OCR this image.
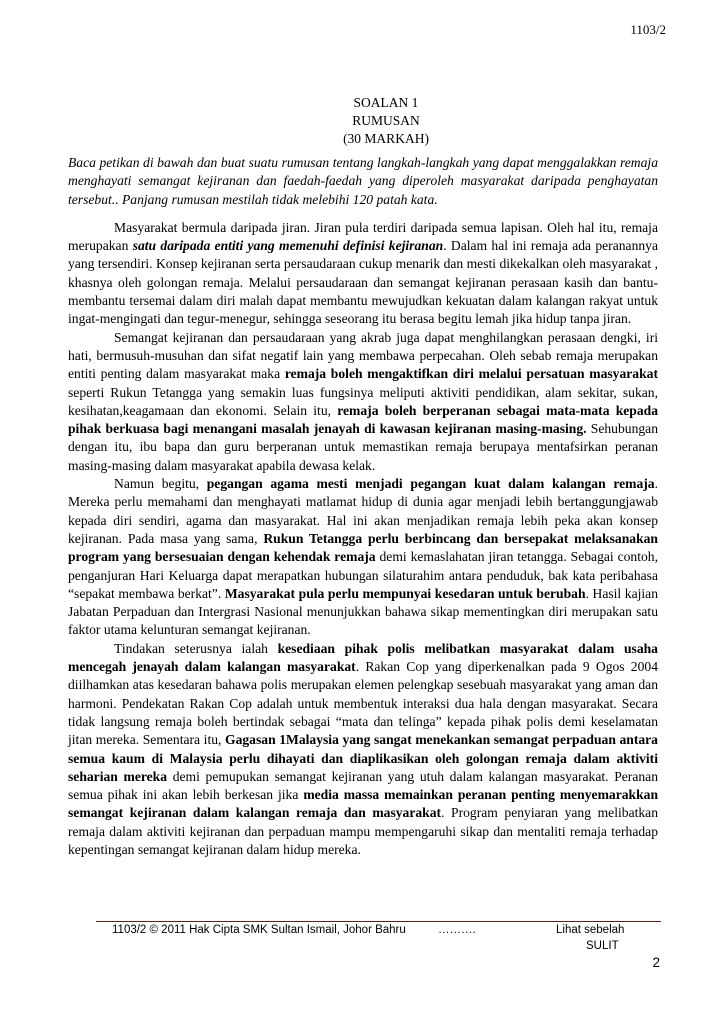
1103/2
SOALAN 1
RUMUSAN
(30 MARKAH)

Baca petikan di bawah dan buat suatu rumusan tentang langkah-langkah yang dapat menggalakkan remaja menghayati semangat kejiranan dan faedah-faedah yang diperoleh masyarakat daripada penghayatan tersebut.. Panjang rumusan mestilah tidak melebihi 120 patah kata.

Masyarakat bermula daripada jiran. Jiran pula terdiri daripada semua lapisan. Oleh hal itu, remaja merupakan satu daripada entiti yang memenuhi definisi kejiranan. Dalam hal ini remaja ada peranannya yang tersendiri. Konsep kejiranan serta persaudaraan cukup menarik dan mesti dikekalkan oleh masyarakat , khasnya oleh golongan remaja. Melalui persaudaraan dan semangat kejiranan perasaan kasih dan bantu-membantu tersemai dalam diri malah dapat membantu mewujudkan kekuatan dalam kalangan rakyat untuk ingat-mengingati dan tegur-menegur, sehingga seseorang itu berasa begitu lemah jika hidup tanpa jiran.

Semangat kejiranan dan persaudaraan yang akrab juga dapat menghilangkan perasaan dengki, iri hati, bermusuh-musuhan dan sifat negatif lain yang membawa perpecahan. Oleh sebab remaja merupakan entiti penting dalam masyarakat maka remaja boleh mengaktifkan diri melalui persatuan masyarakat seperti Rukun Tetangga yang semakin luas fungsinya meliputi aktiviti pendidikan, alam sekitar, sukan, kesihatan,keagamaan dan ekonomi. Selain itu, remaja boleh berperanan sebagai mata-mata kepada pihak berkuasa bagi menangani masalah jenayah di kawasan kejiranan masing-masing. Sehubungan dengan itu, ibu bapa dan guru berperanan untuk memastikan remaja berupaya mentafsirkan peranan masing-masing dalam masyarakat apabila dewasa kelak.

Namun begitu, pegangan agama mesti menjadi pegangan kuat dalam kalangan remaja. Mereka perlu memahami dan menghayati matlamat hidup di dunia agar menjadi lebih bertanggungjawab kepada diri sendiri, agama dan masyarakat. Hal ini akan menjadikan remaja lebih peka akan konsep kejiranan. Pada masa yang sama, Rukun Tetangga perlu berbincang dan bersepakat melaksanakan program yang bersesuaian dengan kehendak remaja demi kemaslahatan jiran tetangga. Sebagai contoh, penganjuran Hari Keluarga dapat merapatkan hubungan silaturahim antara penduduk, bak kata peribahasa “sepakat membawa berkat”. Masyarakat pula perlu mempunyai kesedaran untuk berubah. Hasil kajian Jabatan Perpaduan dan Intergrasi Nasional menunjukkan bahawa sikap mementingkan diri merupakan satu faktor utama kelunturan semangat kejiranan.

Tindakan seterusnya ialah kesediaan pihak polis melibatkan masyarakat dalam usaha mencegah jenayah dalam kalangan masyarakat. Rakan Cop yang diperkenalkan pada 9 Ogos 2004 diilhamkan atas kesedaran bahawa polis merupakan elemen pelengkap sesebuah masyarakat yang aman dan harmoni. Pendekatan Rakan Cop adalah untuk membentuk interaksi dua hala dengan masyarakat. Secara tidak langsung remaja boleh bertindak sebagai “mata dan telinga” kepada pihak polis demi keselamatan jitan mereka. Sementara itu, Gagasan 1Malaysia yang sangat menekankan semangat perpaduan antara semua kaum di Malaysia perlu dihayati dan diaplikasikan oleh golongan remaja dalam aktiviti seharian mereka demi pemupukan semangat kejiranan yang utuh dalam kalangan masyarakat. Peranan semua pihak ini akan lebih berkesan jika media massa memainkan peranan penting menyemarakkan semangat kejiranan dalam kalangan remaja dan masyarakat. Program penyiaran yang melibatkan remaja dalam aktiviti kejiranan dan perpaduan mampu mempengaruhi sikap dan mentaliti remaja terhadap kepentingan semangat kejiranan dalam hidup mereka.

1103/2 © 2011 Hak Cipta SMK Sultan Ismail, Johor Bahru	……….	Lihat sebelah
SULIT
2
